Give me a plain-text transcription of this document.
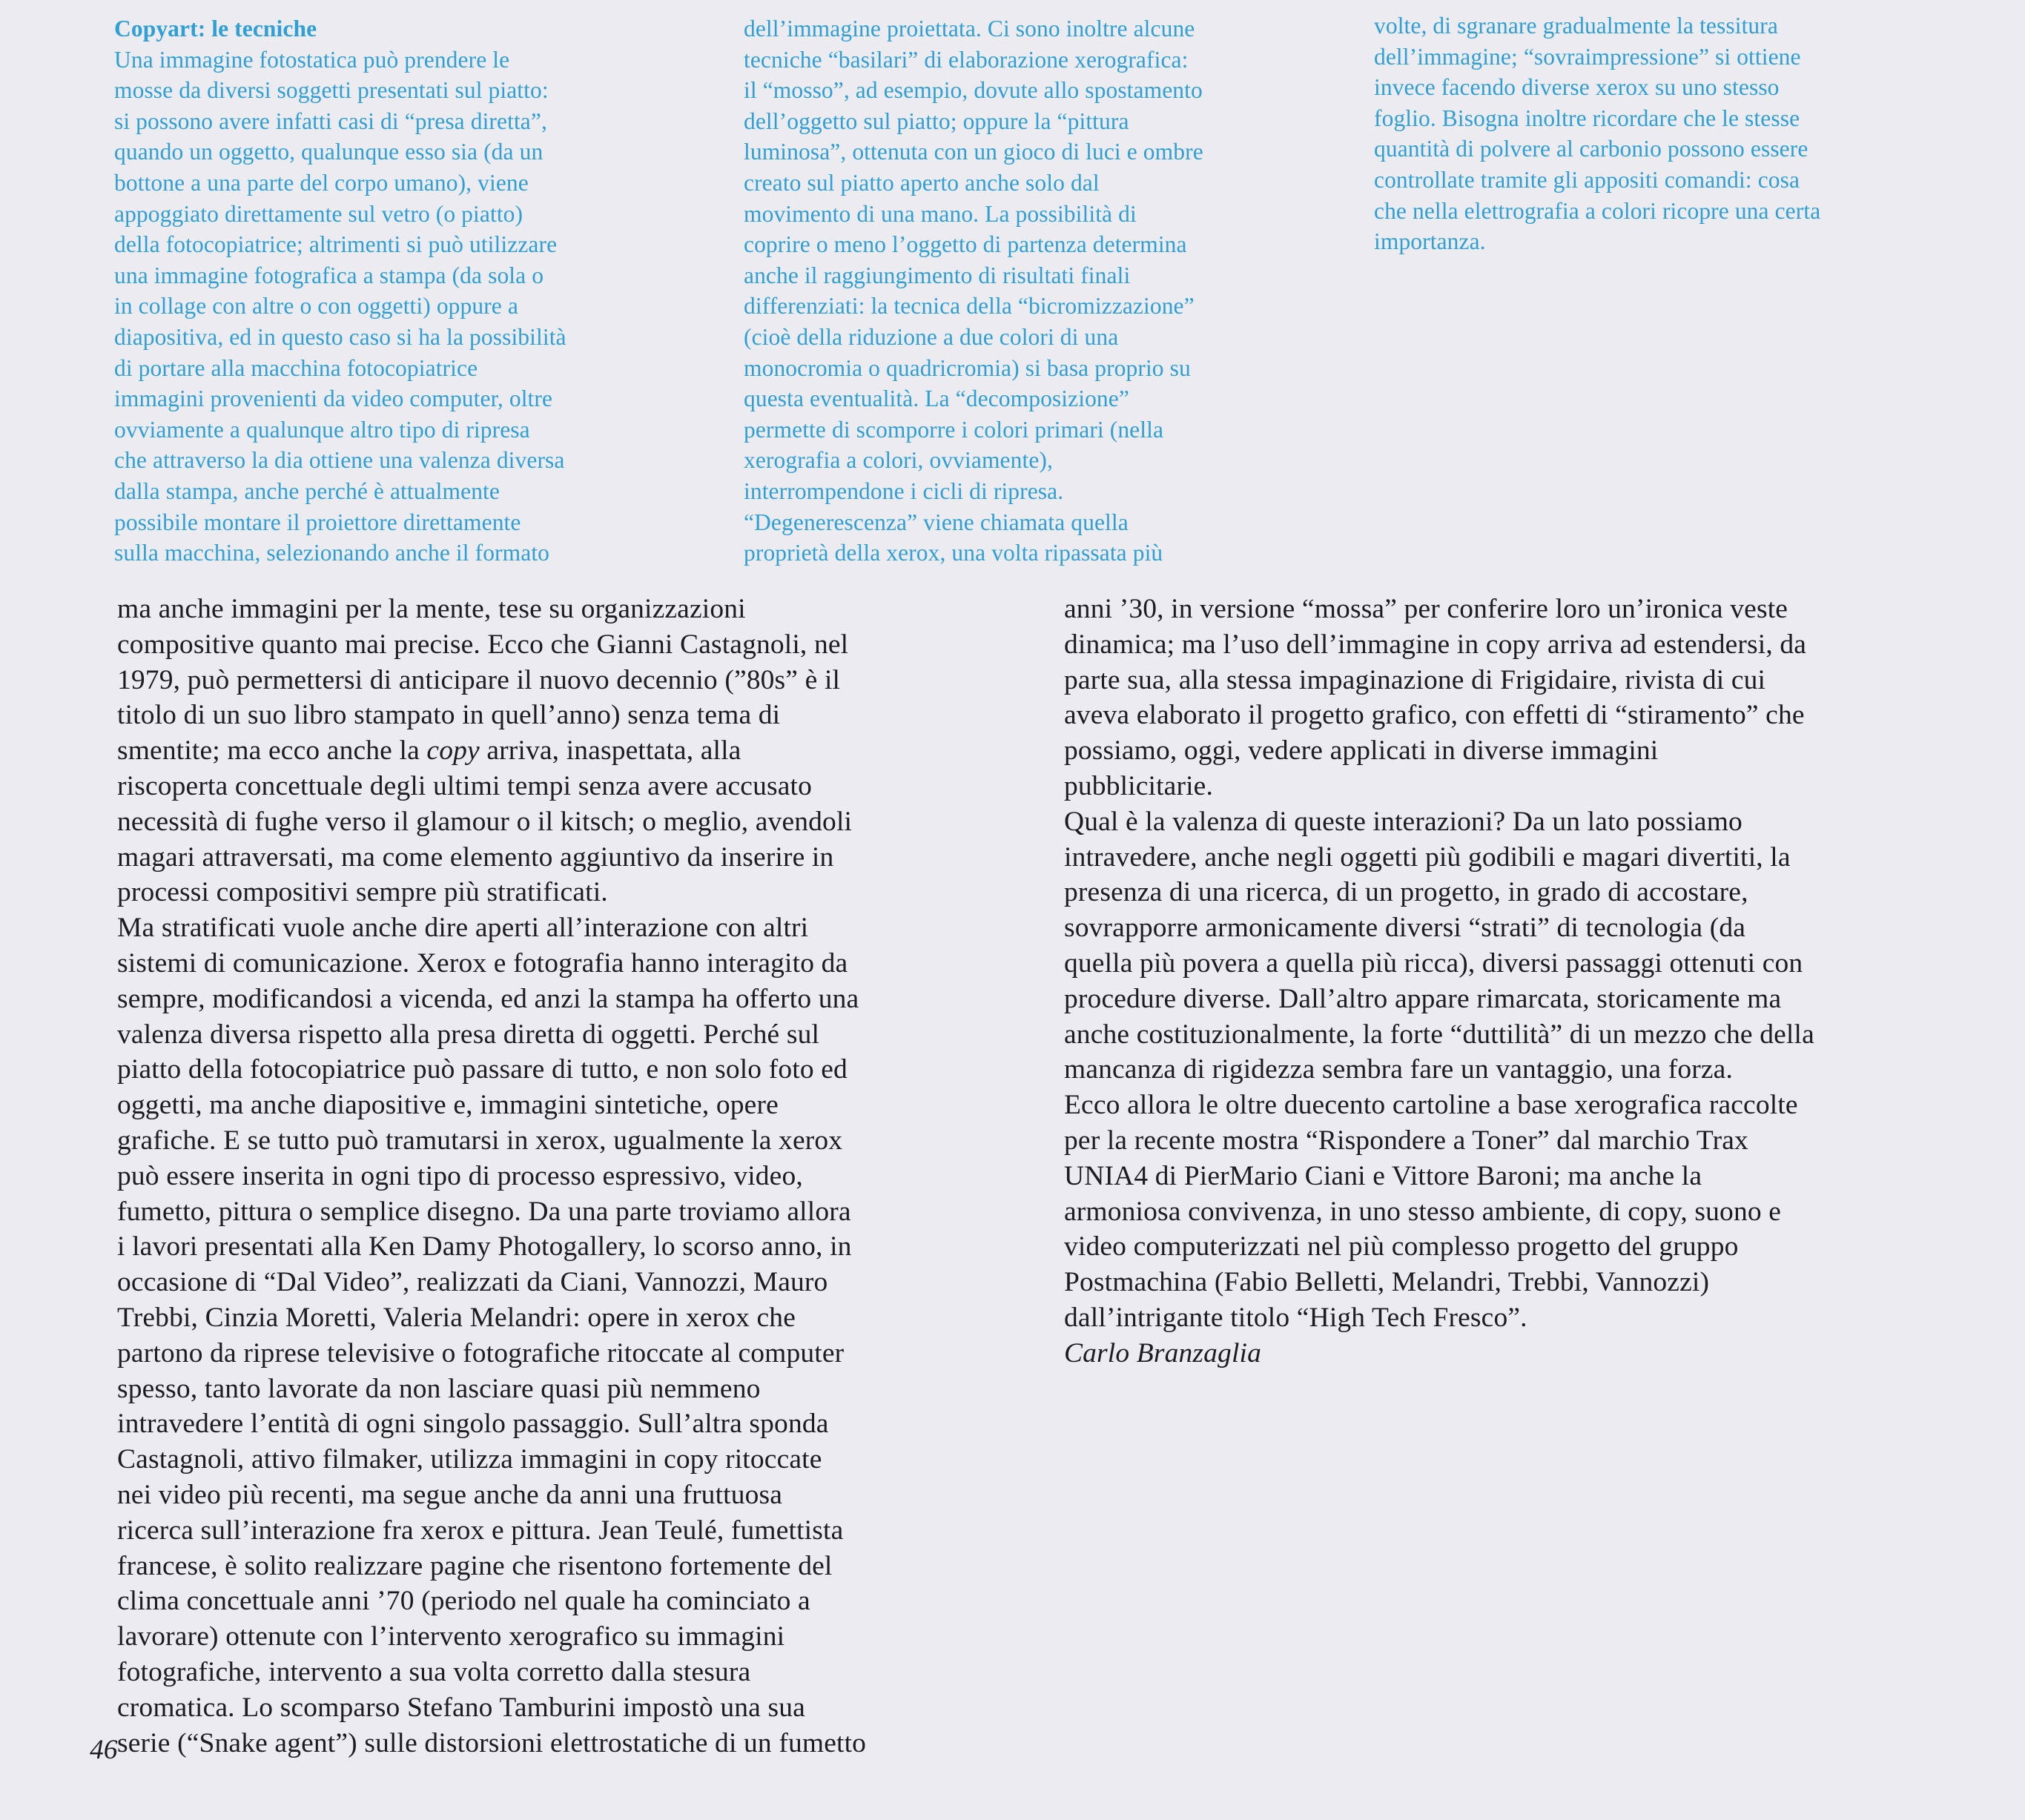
Copyart: le tecniche
Una immagine fotostatica può prendere le
mosse da diversi soggetti presentati sul piatto:
si possono avere infatti casi di “presa diretta”,
quando un oggetto, qualunque esso sia (da un
bottone a una parte del corpo umano), viene
appoggiato direttamente sul vetro (o piatto)
della fotocopiatrice; altrimenti si può utilizzare
una immagine fotografica a stampa (da sola o
in collage con altre o con oggetti) oppure a
diapositiva, ed in questo caso si ha la possibilità
di portare alla macchina fotocopiatrice
immagini provenienti da video computer, oltre
ovviamente a qualunque altro tipo di ripresa
che attraverso la dia ottiene una valenza diversa
dalla stampa, anche perché è attualmente
possibile montare il proiettore direttamente
sulla macchina, selezionando anche il formato
dell’immagine proiettata. Ci sono inoltre alcune
tecniche “basilari” di elaborazione xerografica:
il “mosso”, ad esempio, dovute allo spostamento
dell’oggetto sul piatto; oppure la “pittura
luminosa”, ottenuta con un gioco di luci e ombre
creato sul piatto aperto anche solo dal
movimento di una mano. La possibilità di
coprire o meno l’oggetto di partenza determina
anche il raggiungimento di risultati finali
differenziati: la tecnica della “bicromizzazione”
(cioè della riduzione a due colori di una
monocromia o quadricromia) si basa proprio su
questa eventualità. La “decomposizione”
permette di scomporre i colori primari (nella
xerografia a colori, ovviamente),
interrompendone i cicli di ripresa.
“Degenerescenza” viene chiamata quella
proprietà della xerox, una volta ripassata più
volte, di sgranare gradualmente la tessitura
dell’immagine; “sovraimpressione” si ottiene
invece facendo diverse xerox su uno stesso
foglio. Bisogna inoltre ricordare che le stesse
quantità di polvere al carbonio possono essere
controllate tramite gli appositi comandi: cosa
che nella elettrografia a colori ricopre una certa
importanza.
ma anche immagini per la mente, tese su organizzazioni
compositive quanto mai precise. Ecco che Gianni Castagnoli, nel
1979, può permettersi di anticipare il nuovo decennio (”80s” è il
titolo di un suo libro stampato in quell’anno) senza tema di
smentite; ma ecco anche la copy arriva, inaspettata, alla
riscoperta concettuale degli ultimi tempi senza avere accusato
necessità di fughe verso il glamour o il kitsch; o meglio, avendoli
magari attraversati, ma come elemento aggiuntivo da inserire in
processi compositivi sempre più stratificati.
Ma stratificati vuole anche dire aperti all’interazione con altri
sistemi di comunicazione. Xerox e fotografia hanno interagito da
sempre, modificandosi a vicenda, ed anzi la stampa ha offerto una
valenza diversa rispetto alla presa diretta di oggetti. Perché sul
piatto della fotocopiatrice può passare di tutto, e non solo foto ed
oggetti, ma anche diapositive e, immagini sintetiche, opere
grafiche. E se tutto può tramutarsi in xerox, ugualmente la xerox
può essere inserita in ogni tipo di processo espressivo, video,
fumetto, pittura o semplice disegno. Da una parte troviamo allora
i lavori presentati alla Ken Damy Photogallery, lo scorso anno, in
occasione di “Dal Video”, realizzati da Ciani, Vannozzi, Mauro
Trebbi, Cinzia Moretti, Valeria Melandri: opere in xerox che
partono da riprese televisive o fotografiche ritoccate al computer
spesso, tanto lavorate da non lasciare quasi più nemmeno
intravedere l’entità di ogni singolo passaggio. Sull’altra sponda
Castagnoli, attivo filmaker, utilizza immagini in copy ritoccate
nei video più recenti, ma segue anche da anni una fruttuosa
ricerca sull’interazione fra xerox e pittura. Jean Teulé, fumettista
francese, è solito realizzare pagine che risentono fortemente del
clima concettuale anni ’70 (periodo nel quale ha cominciato a
lavorare) ottenute con l’intervento xerografico su immagini
fotografiche, intervento a sua volta corretto dalla stesura
cromatica. Lo scomparso Stefano Tamburini impostò una sua
serie (“Snake agent”) sulle distorsioni elettrostatiche di un fumetto
anni ’30, in versione “mossa” per conferire loro un’ironica veste
dinamica; ma l’uso dell’immagine in copy arriva ad estendersi, da
parte sua, alla stessa impaginazione di Frigidaire, rivista di cui
aveva elaborato il progetto grafico, con effetti di “stiramento” che
possiamo, oggi, vedere applicati in diverse immagini
pubblicitarie.
Qual è la valenza di queste interazioni? Da un lato possiamo
intravedere, anche negli oggetti più godibili e magari divertiti, la
presenza di una ricerca, di un progetto, in grado di accostare,
sovrapporre armonicamente diversi “strati” di tecnologia (da
quella più povera a quella più ricca), diversi passaggi ottenuti con
procedure diverse. Dall’altro appare rimarcata, storicamente ma
anche costituzionalmente, la forte “duttilità” di un mezzo che della
mancanza di rigidezza sembra fare un vantaggio, una forza.
Ecco allora le oltre duecento cartoline a base xerografica raccolte
per la recente mostra “Rispondere a Toner” dal marchio Trax
UNIA4 di PierMario Ciani e Vittore Baroni; ma anche la
armoniosa convivenza, in uno stesso ambiente, di copy, suono e
video computerizzati nel più complesso progetto del gruppo
Postmachina (Fabio Belletti, Melandri, Trebbi, Vannozzi)
dall’intrigante titolo “High Tech Fresco”.
Carlo Branzaglia
46
